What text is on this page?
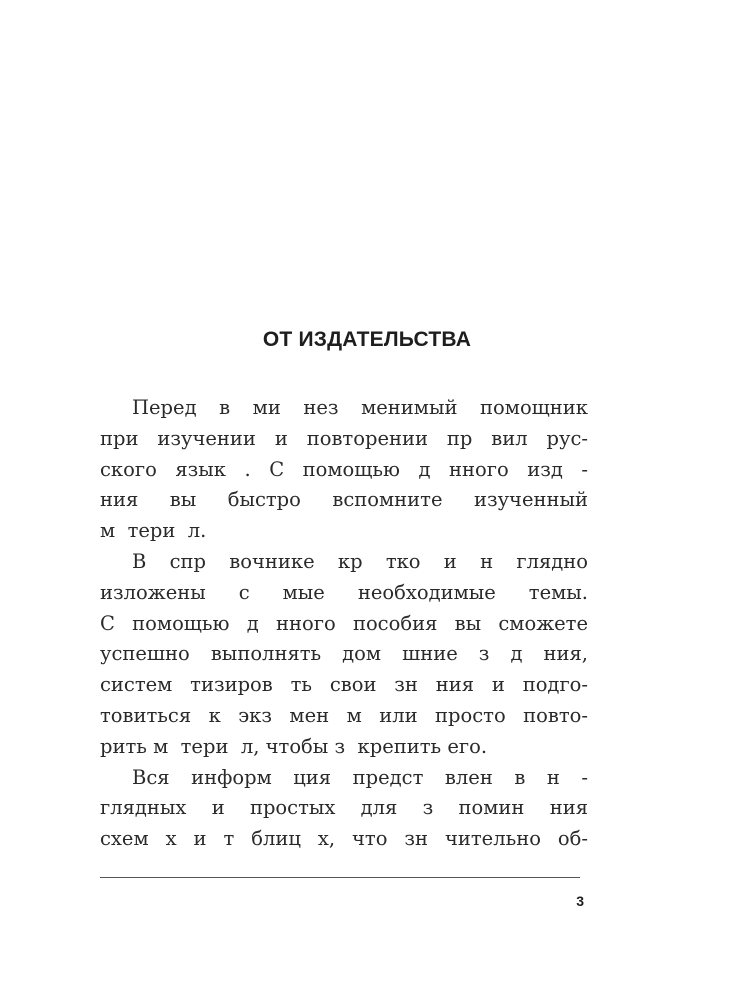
ОТ ИЗДАТЕЛЬСТВА
Перед в ми нез менимый помощник
при изучении и повторении пр вил рус-
ского язык . С помощью д нного изд -
ния вы быстро вспомните изученный
м  тери  л.
В спр вочнике кр тко и н глядно
изложены с мые необходимые темы.
С помощью д нного пособия вы сможете
успешно выполнять дом шние з д ния,
систем тизиров ть свои зн ния и подго-
товиться к экз мен м или просто повто-
рить м  тери  л, чтобы з  крепить его.
Вся информ ция предст влен в н -
глядных и простых для з помин ния
схем х и т блиц х, что зн чительно об-
3
